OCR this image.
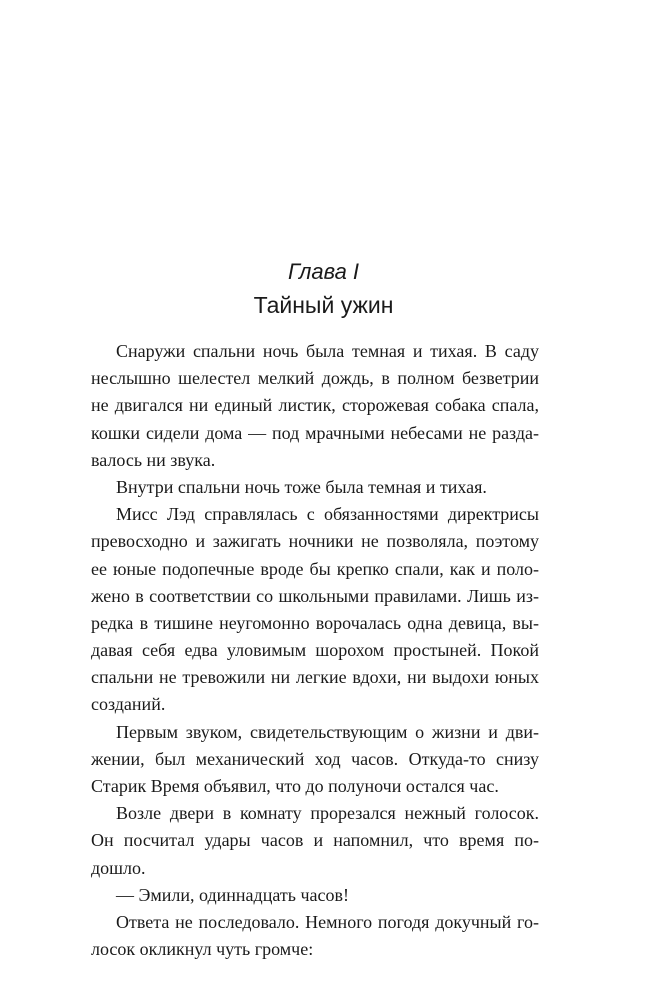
Глава I
Тайный ужин
Снаружи спальни ночь была темная и тихая. В саду
неслышно шелестел мелкий дождь, в полном безветрии
не двигался ни единый листик, сторожевая собака спала,
кошки сидели дома — под мрачными небесами не разда-
валось ни звука.
Внутри спальни ночь тоже была темная и тихая.
Мисс Лэд справлялась с обязанностями директрисы
превосходно и зажигать ночники не позволяла, поэтому
ее юные подопечные вроде бы крепко спали, как и поло-
жено в соответствии со школьными правилами. Лишь из-
редка в тишине неугомонно ворочалась одна девица, вы-
давая себя едва уловимым шорохом простыней. Покой
спальни не тревожили ни легкие вдохи, ни выдохи юных
созданий.
Первым звуком, свидетельствующим о жизни и дви-
жении, был механический ход часов. Откуда-то снизу
Старик Время объявил, что до полуночи остался час.
Возле двери в комнату прорезался нежный голосок.
Он посчитал удары часов и напомнил, что время по-
дошло.
— Эмили, одиннадцать часов!
Ответа не последовало. Немного погодя докучный го-
лосок окликнул чуть громче:
